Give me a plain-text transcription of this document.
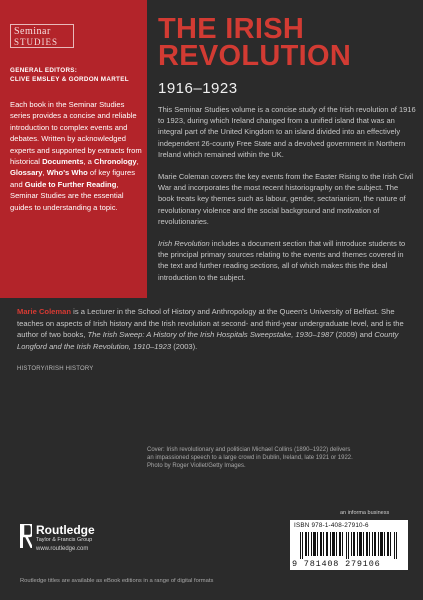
Seminar
STUDIES
GENERAL EDITORS:
CLIVE EMSLEY & GORDON MARTEL
Each book in the Seminar Studies series provides a concise and reliable introduction to complex events and debates. Written by acknowledged experts and supported by extracts from historical Documents, a Chronology, Glossary, Who's Who of key figures and Guide to Further Reading, Seminar Studies are the essential guides to understanding a topic.
THE IRISH
REVOLUTION
1916–1923

This Seminar Studies volume is a concise study of the Irish revolution of 1916 to 1923, during which Ireland changed from a unified island that was an integral part of the United Kingdom to an island divided into an effectively independent 26-county Free State and a devolved government in Northern Ireland which remained within the UK.

Marie Coleman covers the key events from the Easter Rising to the Irish Civil War and incorporates the most recent historiography on the subject. The book treats key themes such as labour, gender, sectarianism, the nature of revolutionary violence and the social background and motivation of revolutionaries.

Irish Revolution includes a document section that will introduce students to the principal primary sources relating to the events and themes covered in the text and further reading sections, all of which makes this the ideal introduction to the subject.

Marie Coleman is a Lecturer in the School of History and Anthropology at the Queen's University of Belfast. She teaches on aspects of Irish history and the Irish revolution at second- and third-year undergraduate level, and is the author of two books, The Irish Sweep: A History of the Irish Hospitals Sweepstake, 1930–1987 (2009) and County Longford and the Irish Revolution, 1910–1923 (2003).
HISTORY/IRISH HISTORY
Cover: Irish revolutionary and politician Michael Collins (1890–1922) delivers
an impassioned speech to a large crowd in Dublin, Ireland, late 1921 or 1922.
Photo by Roger Viollet/Getty Images.
an informa business
ISBN 978-1-408-27910-6
9 781408 279106
Routledge
Taylor & Francis Group
www.routledge.com
Routledge titles are available as eBook editions in a range of digital formats
